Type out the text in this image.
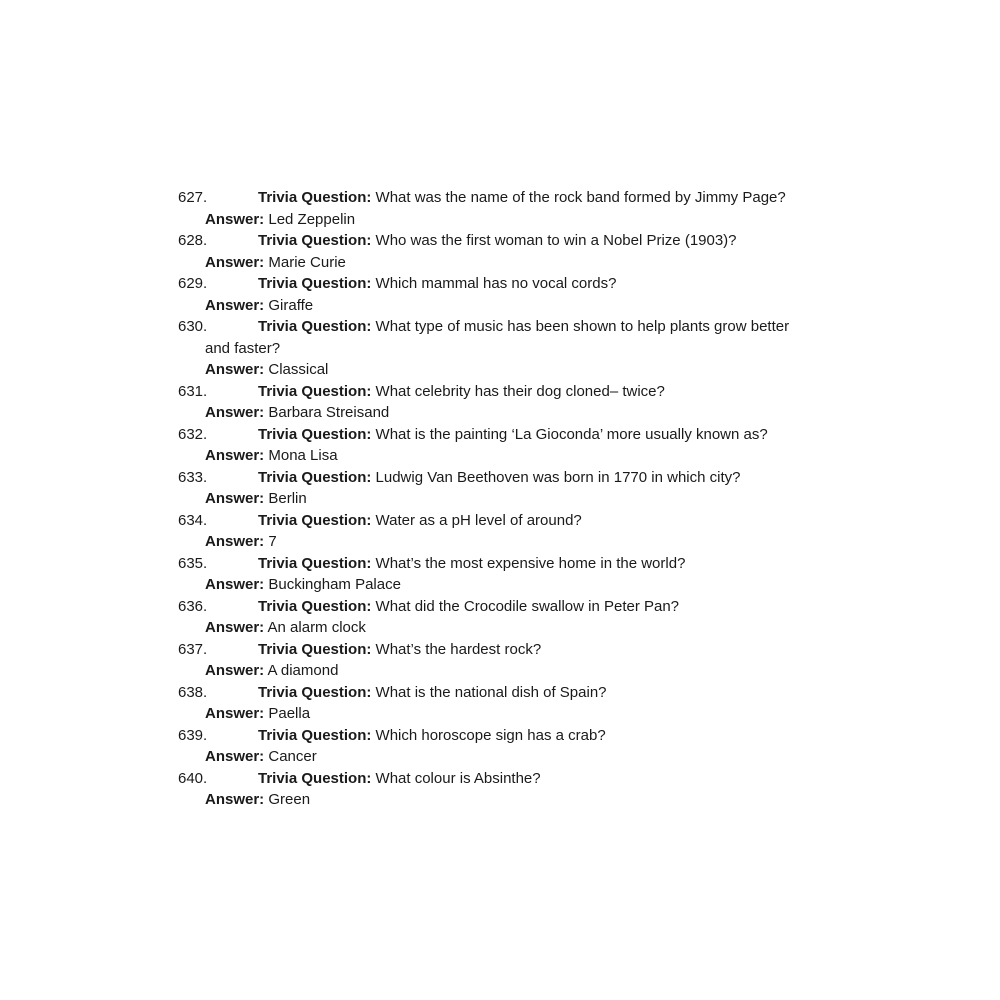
627.	Trivia Question: What was the name of the rock band formed by Jimmy Page?
Answer: Led Zeppelin
628.	Trivia Question: Who was the first woman to win a Nobel Prize (1903)?
Answer: Marie Curie
629.	Trivia Question: Which mammal has no vocal cords?
Answer: Giraffe
630.	Trivia Question: What type of music has been shown to help plants grow better
and faster?
Answer: Classical
631.	Trivia Question: What celebrity has their dog cloned– twice?
Answer: Barbara Streisand
632.	Trivia Question: What is the painting ‘La Gioconda’ more usually known as?
Answer: Mona Lisa
633.	Trivia Question: Ludwig Van Beethoven was born in 1770 in which city?
Answer: Berlin
634.	Trivia Question: Water as a pH level of around?
Answer: 7
635.	Trivia Question: What’s the most expensive home in the world?
Answer: Buckingham Palace
636.	Trivia Question: What did the Crocodile swallow in Peter Pan?
Answer: An alarm clock
637.	Trivia Question: What’s the hardest rock?
Answer: A diamond
638.	Trivia Question: What is the national dish of Spain?
Answer: Paella
639.	Trivia Question: Which horoscope sign has a crab?
Answer: Cancer
640.	Trivia Question: What colour is Absinthe?
Answer: Green
